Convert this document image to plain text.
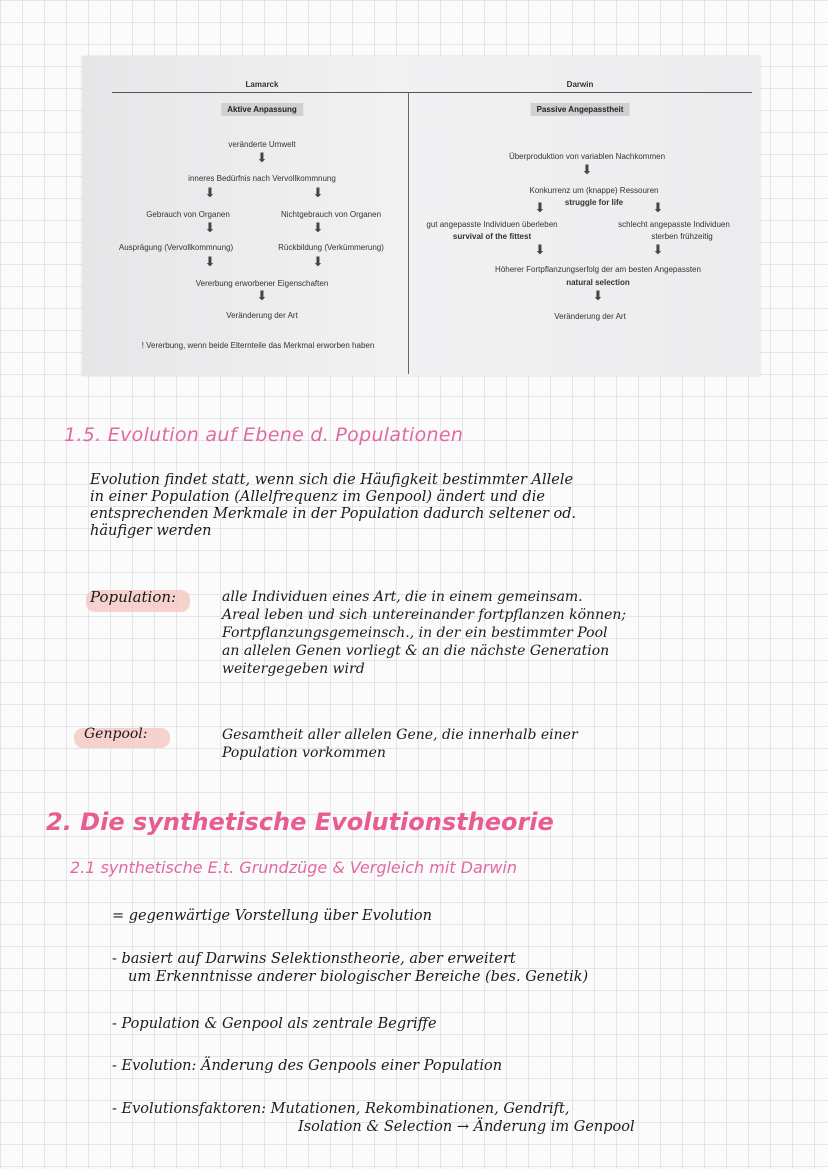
Lamarck
Aktive Anpassung
veränderte Umwelt
⬇
inneres Bedürfnis nach Vervollkommnung
⬇	⬇
Gebrauch von Organen	Nichtgebrauch von Organen
⬇	⬇
Ausprägung (Vervollkommnung)	Rückbildung (Verkümmerung)
⬇	⬇
Vererbung erworbener Eigenschaften
⬇
Veränderung der Art
! Vererbung, wenn beide Elternteile das Merkmal erworben haben
Darwin
Passive Angepasstheit
Überproduktion von variablen Nachkommen
⬇
Konkurrenz um (knappe) Ressouren
struggle for life
⬇	⬇
gut angepasste Individuen überleben
survival of the fittest
schlecht angepasste Individuen
sterben frühzeitig
⬇	⬇
Höherer Fortpflanzungserfolg der am besten Angepassten
natural selection
⬇
Veränderung der Art
1.5. Evolution auf Ebene d. Populationen
Evolution findet statt, wenn sich die Häufigkeit bestimmter Allele
in einer Population (Allelfrequenz im Genpool) ändert und die
entsprechenden Merkmale in der Population dadurch seltener od.
häufiger werden
Population:	alle Individuen eines Art, die in einem gemeinsam.
Areal leben und sich untereinander fortpflanzen können;
Fortpflanzungsgemeinsch., in der ein bestimmter Pool
an allelen Genen vorliegt & an die nächste Generation
weitergegeben wird
Genpool:	Gesamtheit aller allelen Gene, die innerhalb einer
Population vorkommen
2. Die synthetische Evolutionstheorie
2.1 synthetische E.t. Grundzüge & Vergleich mit Darwin
= gegenwärtige Vorstellung über Evolution
- basiert auf Darwins Selektionstheorie, aber erweitert
um Erkenntnisse anderer biologischer Bereiche (bes. Genetik)
- Population & Genpool als zentrale Begriffe
- Evolution: Änderung des Genpools einer Population
- Evolutionsfaktoren: Mutationen, Rekombinationen, Gendrift,
Isolation & Selection → Änderung im Genpool
